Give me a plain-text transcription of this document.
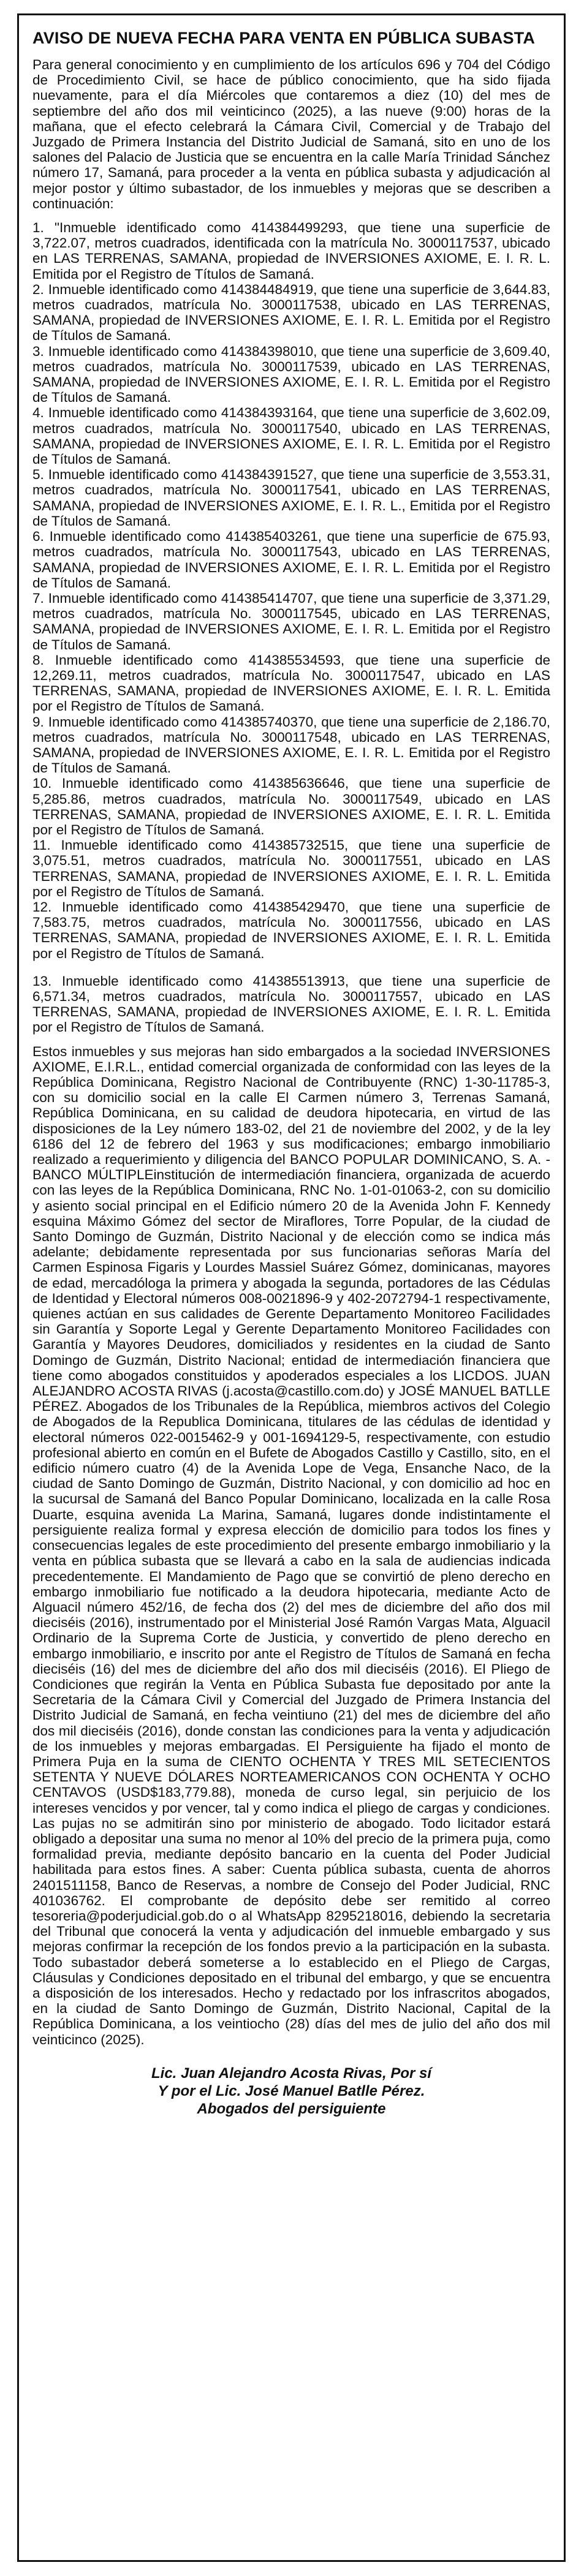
AVISO DE NUEVA FECHA PARA VENTA EN PÚBLICA SUBASTA

Para general conocimiento y en cumplimiento de los artículos 696 y 704 del Código de Procedimiento Civil, se hace de público conocimiento, que ha sido fijada nuevamente, para el día Miércoles que contaremos a diez (10) del mes de septiembre del año dos mil veinticinco (2025), a las nueve (9:00) horas de la mañana, que el efecto celebrará la Cámara Civil, Comercial y de Trabajo del Juzgado de Primera Instancia del Distrito Judicial de Samaná, sito en uno de los salones del Palacio de Justicia que se encuentra en la calle María Trinidad Sánchez número 17, Samaná, para proceder a la venta en pública subasta y adjudicación al mejor postor y último subastador, de los inmuebles y mejoras que se describen a continuación:

1. "Inmueble identificado como 414384499293, que tiene una superficie de 3,722.07, metros cuadrados, identificada con la matrícula No. 3000117537, ubicado en LAS TERRENAS, SAMANA, propiedad de INVERSIONES AXIOME, E. I. R. L. Emitida por el Registro de Títulos de Samaná.

2. Inmueble identificado como 414384484919, que tiene una superficie de 3,644.83, metros cuadrados, matrícula No. 3000117538, ubicado en LAS TERRENAS, SAMANA, propiedad de INVERSIONES AXIOME, E. I. R. L. Emitida por el Registro de Títulos de Samaná.

3. Inmueble identificado como 414384398010, que tiene una superficie de 3,609.40, metros cuadrados, matrícula No. 3000117539, ubicado en LAS TERRENAS, SAMANA, propiedad de INVERSIONES AXIOME, E. I. R. L. Emitida por el Registro de Títulos de Samaná.

4. Inmueble identificado como 414384393164, que tiene una superficie de 3,602.09, metros cuadrados, matrícula No. 3000117540, ubicado en LAS TERRENAS, SAMANA, propiedad de INVERSIONES AXIOME, E. I. R. L. Emitida por el Registro de Títulos de Samaná.

5. Inmueble identificado como 414384391527, que tiene una superficie de 3,553.31, metros cuadrados, matrícula No. 3000117541, ubicado en LAS TERRENAS, SAMANA, propiedad de INVERSIONES AXIOME, E. I. R. L., Emitida por el Registro de Títulos de Samaná.

6. Inmueble identificado como 414385403261, que tiene una superficie de 675.93, metros cuadrados, matrícula No. 3000117543, ubicado en LAS TERRENAS, SAMANA, propiedad de INVERSIONES AXIOME, E. I. R. L. Emitida por el Registro de Títulos de Samaná.

7. Inmueble identificado como 414385414707, que tiene una superficie de 3,371.29, metros cuadrados, matrícula No. 3000117545, ubicado en LAS TERRENAS, SAMANA, propiedad de INVERSIONES AXIOME, E. I. R. L. Emitida por el Registro de Títulos de Samaná.

8. Inmueble identificado como 414385534593, que tiene una superficie de 12,269.11, metros cuadrados, matrícula No. 3000117547, ubicado en LAS TERRENAS, SAMANA, propiedad de INVERSIONES AXIOME, E. I. R. L. Emitida por el Registro de Títulos de Samaná.

9. Inmueble identificado como 414385740370, que tiene una superficie de 2,186.70, metros cuadrados, matrícula No. 3000117548, ubicado en LAS TERRENAS, SAMANA, propiedad de INVERSIONES AXIOME, E. I. R. L. Emitida por el Registro de Títulos de Samaná.

10. Inmueble identificado como 414385636646, que tiene una superficie de 5,285.86, metros cuadrados, matrícula No. 3000117549, ubicado en LAS TERRENAS, SAMANA, propiedad de INVERSIONES AXIOME, E. I. R. L. Emitida por el Registro de Títulos de Samaná.

11. Inmueble identificado como 414385732515, que tiene una superficie de 3,075.51, metros cuadrados, matrícula No. 3000117551, ubicado en LAS TERRENAS, SAMANA, propiedad de INVERSIONES AXIOME, E. I. R. L. Emitida por el Registro de Títulos de Samaná.

12. Inmueble identificado como 414385429470, que tiene una superficie de 7,583.75, metros cuadrados, matrícula No. 3000117556, ubicado en LAS TERRENAS, SAMANA, propiedad de INVERSIONES AXIOME, E. I. R. L. Emitida por el Registro de Títulos de Samaná.

13. Inmueble identificado como 414385513913, que tiene una superficie de 6,571.34, metros cuadrados, matrícula No. 3000117557, ubicado en LAS TERRENAS, SAMANA, propiedad de INVERSIONES AXIOME, E. I. R. L. Emitida por el Registro de Títulos de Samaná.

Estos inmuebles y sus mejoras han sido embargados a la sociedad INVERSIONES AXIOME, E.I.R.L., entidad comercial organizada de conformidad con las leyes de la República Dominicana, Registro Nacional de Contribuyente (RNC) 1-30-11785-3, con su domicilio social en la calle El Carmen número 3, Terrenas Samaná, República Dominicana, en su calidad de deudora hipotecaria, en virtud de las disposiciones de la Ley número 183-02, del 21 de noviembre del 2002, y de la ley 6186 del 12 de febrero del 1963 y sus modificaciones; embargo inmobiliario realizado a requerimiento y diligencia del BANCO POPULAR DOMINICANO, S. A. - BANCO MÚLTIPLEinstitución de intermediación financiera, organizada de acuerdo con las leyes de la República Dominicana, RNC No. 1-01-01063-2, con su domicilio y asiento social principal en el Edificio número 20 de la Avenida John F. Kennedy esquina Máximo Gómez del sector de Miraflores, Torre Popular, de la ciudad de Santo Domingo de Guzmán, Distrito Nacional y de elección como se indica más adelante; debidamente representada por sus funcionarias señoras María del Carmen Espinosa Figaris y Lourdes Massiel Suárez Gómez, dominicanas, mayores de edad, mercadóloga la primera y abogada la segunda, portadores de las Cédulas de Identidad y Electoral números 008-0021896-9 y 402-2072794-1 respectivamente, quienes actúan en sus calidades de Gerente Departamento Monitoreo Facilidades sin Garantía y Soporte Legal y Gerente Departamento Monitoreo Facilidades con Garantía y Mayores Deudores, domiciliados y residentes en la ciudad de Santo Domingo de Guzmán, Distrito Nacional; entidad de intermediación financiera que tiene como abogados constituidos y apoderados especiales a los LICDOS. JUAN ALEJANDRO ACOSTA RIVAS (j.acosta@castillo.com.do) y JOSÉ MANUEL BATLLE PÉREZ. Abogados de los Tribunales de la República, miembros activos del Colegio de Abogados de la Republica Dominicana, titulares de las cédulas de identidad y electoral números 022-0015462-9 y 001-1694129-5, respectivamente, con estudio profesional abierto en común en el Bufete de Abogados Castillo y Castillo, sito, en el edificio número cuatro (4) de la Avenida Lope de Vega, Ensanche Naco, de la ciudad de Santo Domingo de Guzmán, Distrito Nacional, y con domicilio ad hoc en la sucursal de Samaná del Banco Popular Dominicano, localizada en la calle Rosa Duarte, esquina avenida La Marina, Samaná, lugares donde indistintamente el persiguiente realiza formal y expresa elección de domicilio para todos los fines y consecuencias legales de este procedimiento del presente embargo inmobiliario y la venta en pública subasta que se llevará a cabo en la sala de audiencias indicada precedentemente. El Mandamiento de Pago que se convirtió de pleno derecho en embargo inmobiliario fue notificado a la deudora hipotecaria, mediante Acto de Alguacil número 452/16, de fecha dos (2) del mes de diciembre del año dos mil dieciséis (2016), instrumentado por el Ministerial José Ramón Vargas Mata, Alguacil Ordinario de la Suprema Corte de Justicia, y convertido de pleno derecho en embargo inmobiliario, e inscrito por ante el Registro de Títulos de Samaná en fecha dieciséis (16) del mes de diciembre del año dos mil dieciséis (2016). El Pliego de Condiciones que regirán la Venta en Pública Subasta fue depositado por ante la Secretaria de la Cámara Civil y Comercial del Juzgado de Primera Instancia del Distrito Judicial de Samaná, en fecha veintiuno (21) del mes de diciembre del año dos mil dieciséis (2016), donde constan las condiciones para la venta y adjudicación de los inmuebles y mejoras embargadas. El Persiguiente ha fijado el monto de Primera Puja en la suma de CIENTO OCHENTA Y TRES MIL SETECIENTOS SETENTA Y NUEVE DÓLARES NORTEAMERICANOS CON OCHENTA Y OCHO CENTAVOS (USD$183,779.88), moneda de curso legal, sin perjuicio de los intereses vencidos y por vencer, tal y como indica el pliego de cargas y condiciones. Las pujas no se admitirán sino por ministerio de abogado. Todo licitador estará obligado a depositar una suma no menor al 10% del precio de la primera puja, como formalidad previa, mediante depósito bancario en la cuenta del Poder Judicial habilitada para estos fines. A saber: Cuenta pública subasta, cuenta de ahorros 2401511158, Banco de Reservas, a nombre de Consejo del Poder Judicial, RNC 401036762. El comprobante de depósito debe ser remitido al correo tesoreria@poderjudicial.gob.do o al WhatsApp 8295218016, debiendo la secretaria del Tribunal que conocerá la venta y adjudicación del inmueble embargado y sus mejoras confirmar la recepción de los fondos previo a la participación en la subasta. Todo subastador deberá someterse a lo establecido en el Pliego de Cargas, Cláusulas y Condiciones depositado en el tribunal del embargo, y que se encuentra a disposición de los interesados. Hecho y redactado por los infrascritos abogados, en la ciudad de Santo Domingo de Guzmán, Distrito Nacional, Capital de la República Dominicana, a los veintiocho (28) días del mes de julio del año dos mil veinticinco (2025).

Lic. Juan Alejandro Acosta Rivas, Por sí
Y por el Lic. José Manuel Batlle Pérez.
Abogados del persiguiente
